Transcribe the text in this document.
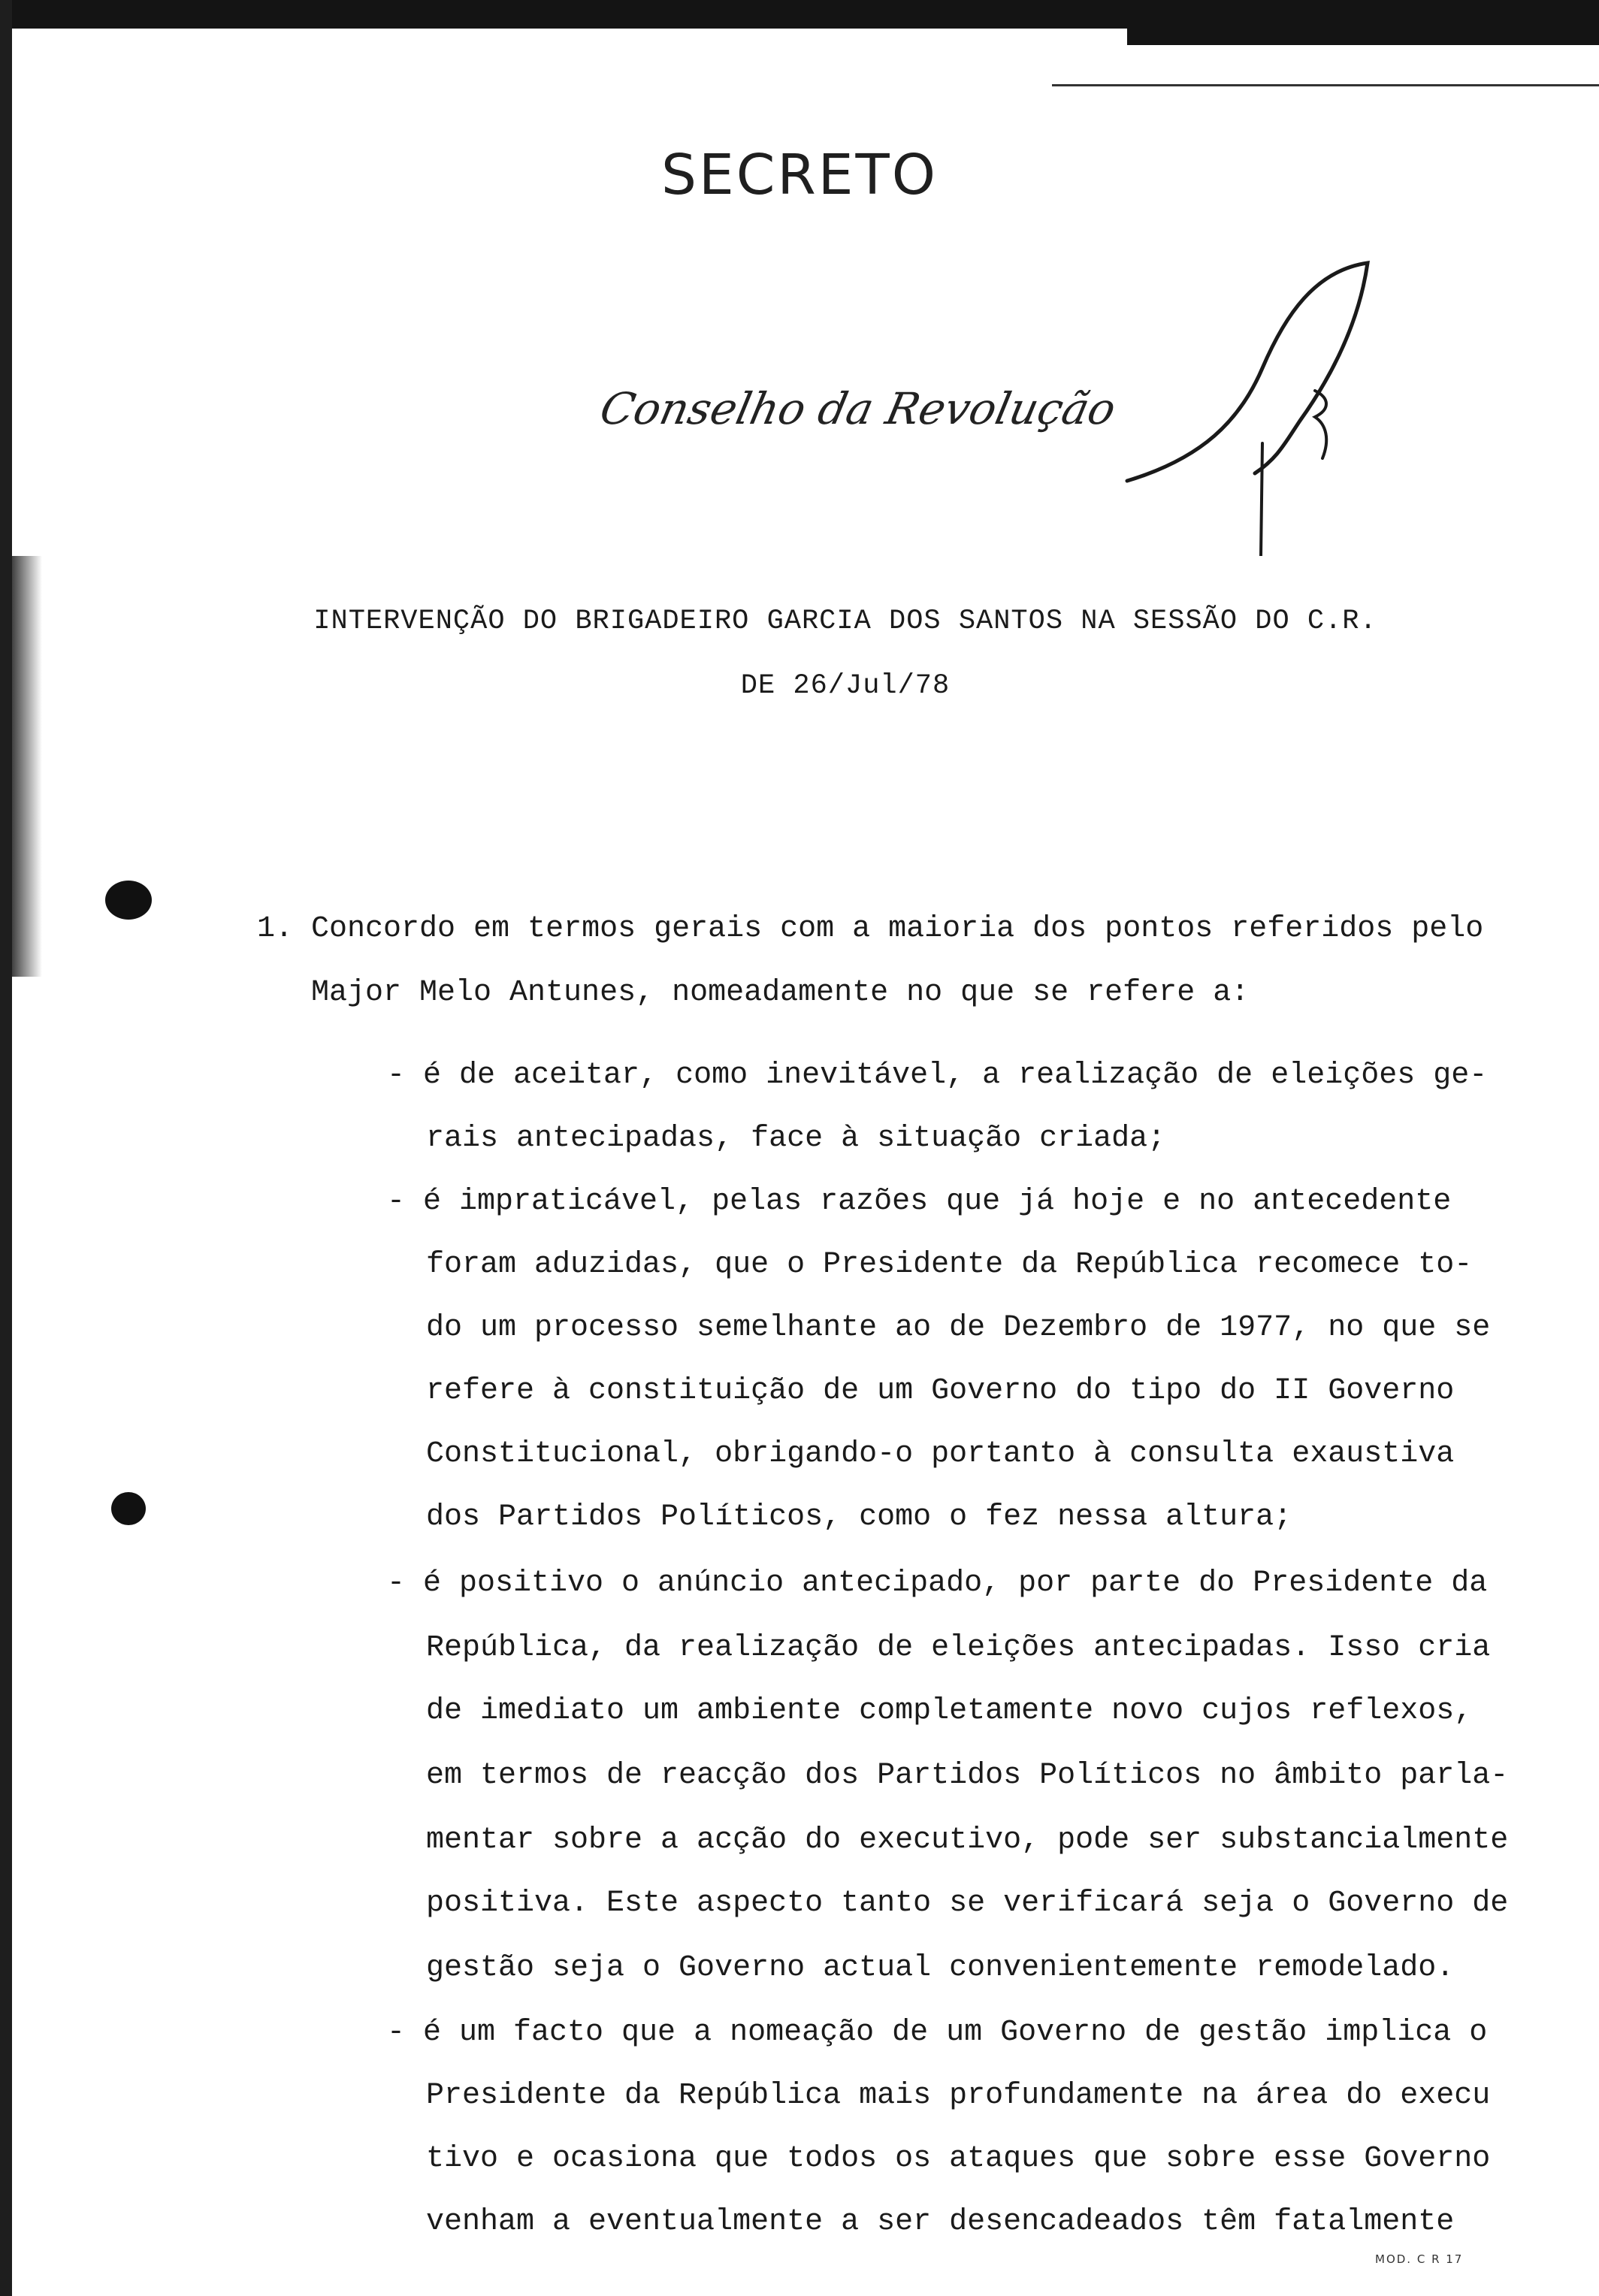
SECRETO
Conselho da Revolução
INTERVENÇÃO DO BRIGADEIRO GARCIA DOS SANTOS NA SESSÃO DO C.R.
DE 26/Jul/78
1. Concordo em termos gerais com a maioria dos pontos referidos pelo
Major Melo Antunes, nomeadamente no que se refere a:
- é de aceitar, como inevitável, a realização de eleições ge-
rais antecipadas, face à situação criada;
- é impraticável, pelas razões que já hoje e no antecedente
foram aduzidas, que o Presidente da República recomece to-
do um processo semelhante ao de Dezembro de 1977, no que se
refere à constituição de um Governo do tipo do II Governo
Constitucional, obrigando-o portanto à consulta exaustiva
dos Partidos Políticos, como o fez nessa altura;
- é positivo o anúncio antecipado, por parte do Presidente da
República, da realização de eleições antecipadas. Isso cria
de imediato um ambiente completamente novo cujos reflexos,
em termos de reacção dos Partidos Políticos no âmbito parla-
mentar sobre a acção do executivo, pode ser substancialmente
positiva. Este aspecto tanto se verificará seja o Governo de
gestão seja o Governo actual convenientemente remodelado.
- é um facto que a nomeação de um Governo de gestão implica o
Presidente da República mais profundamente na área do execu
tivo e ocasiona que todos os ataques que sobre esse Governo
venham a eventualmente a ser desencadeados têm fatalmente
MOD. C R 17
